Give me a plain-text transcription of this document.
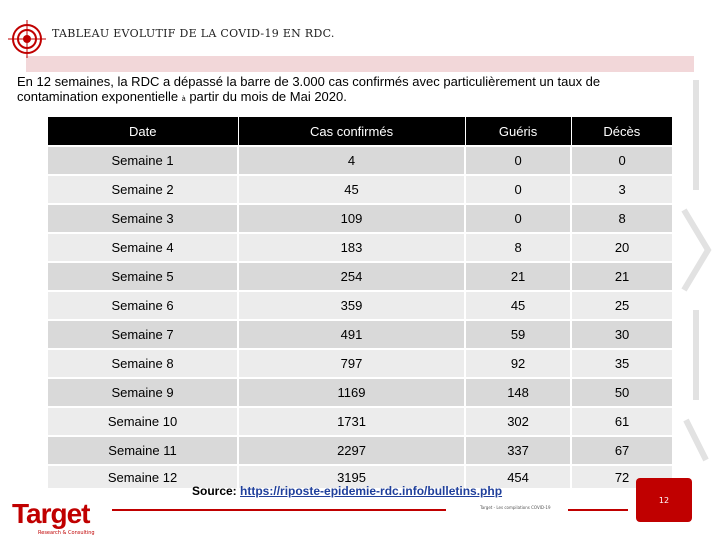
TABLEAU EVOLUTIF DE LA COVID-19 EN RDC.
En 12 semaines, la RDC a dépassé la barre de 3.000 cas confirmés avec particulièrement un taux de contamination exponentielle à partir du mois de Mai 2020.
Date	Cas confirmés	Guéris	Décès
Semaine 1	4	0	0
Semaine 2	45	0	3
Semaine 3	109	0	8
Semaine 4	183	8	20
Semaine 5	254	21	21
Semaine 6	359	45	25
Semaine 7	491	59	30
Semaine 8	797	92	35
Semaine 9	1169	148	50
Semaine 10	1731	302	61
Semaine 11	2297	337	67
Semaine 12	3195	454	72
Source: https://riposte-epidemie-rdc.info/bulletins.php
Target - Les compilations COVID-19
12
Target
Research & Consulting
